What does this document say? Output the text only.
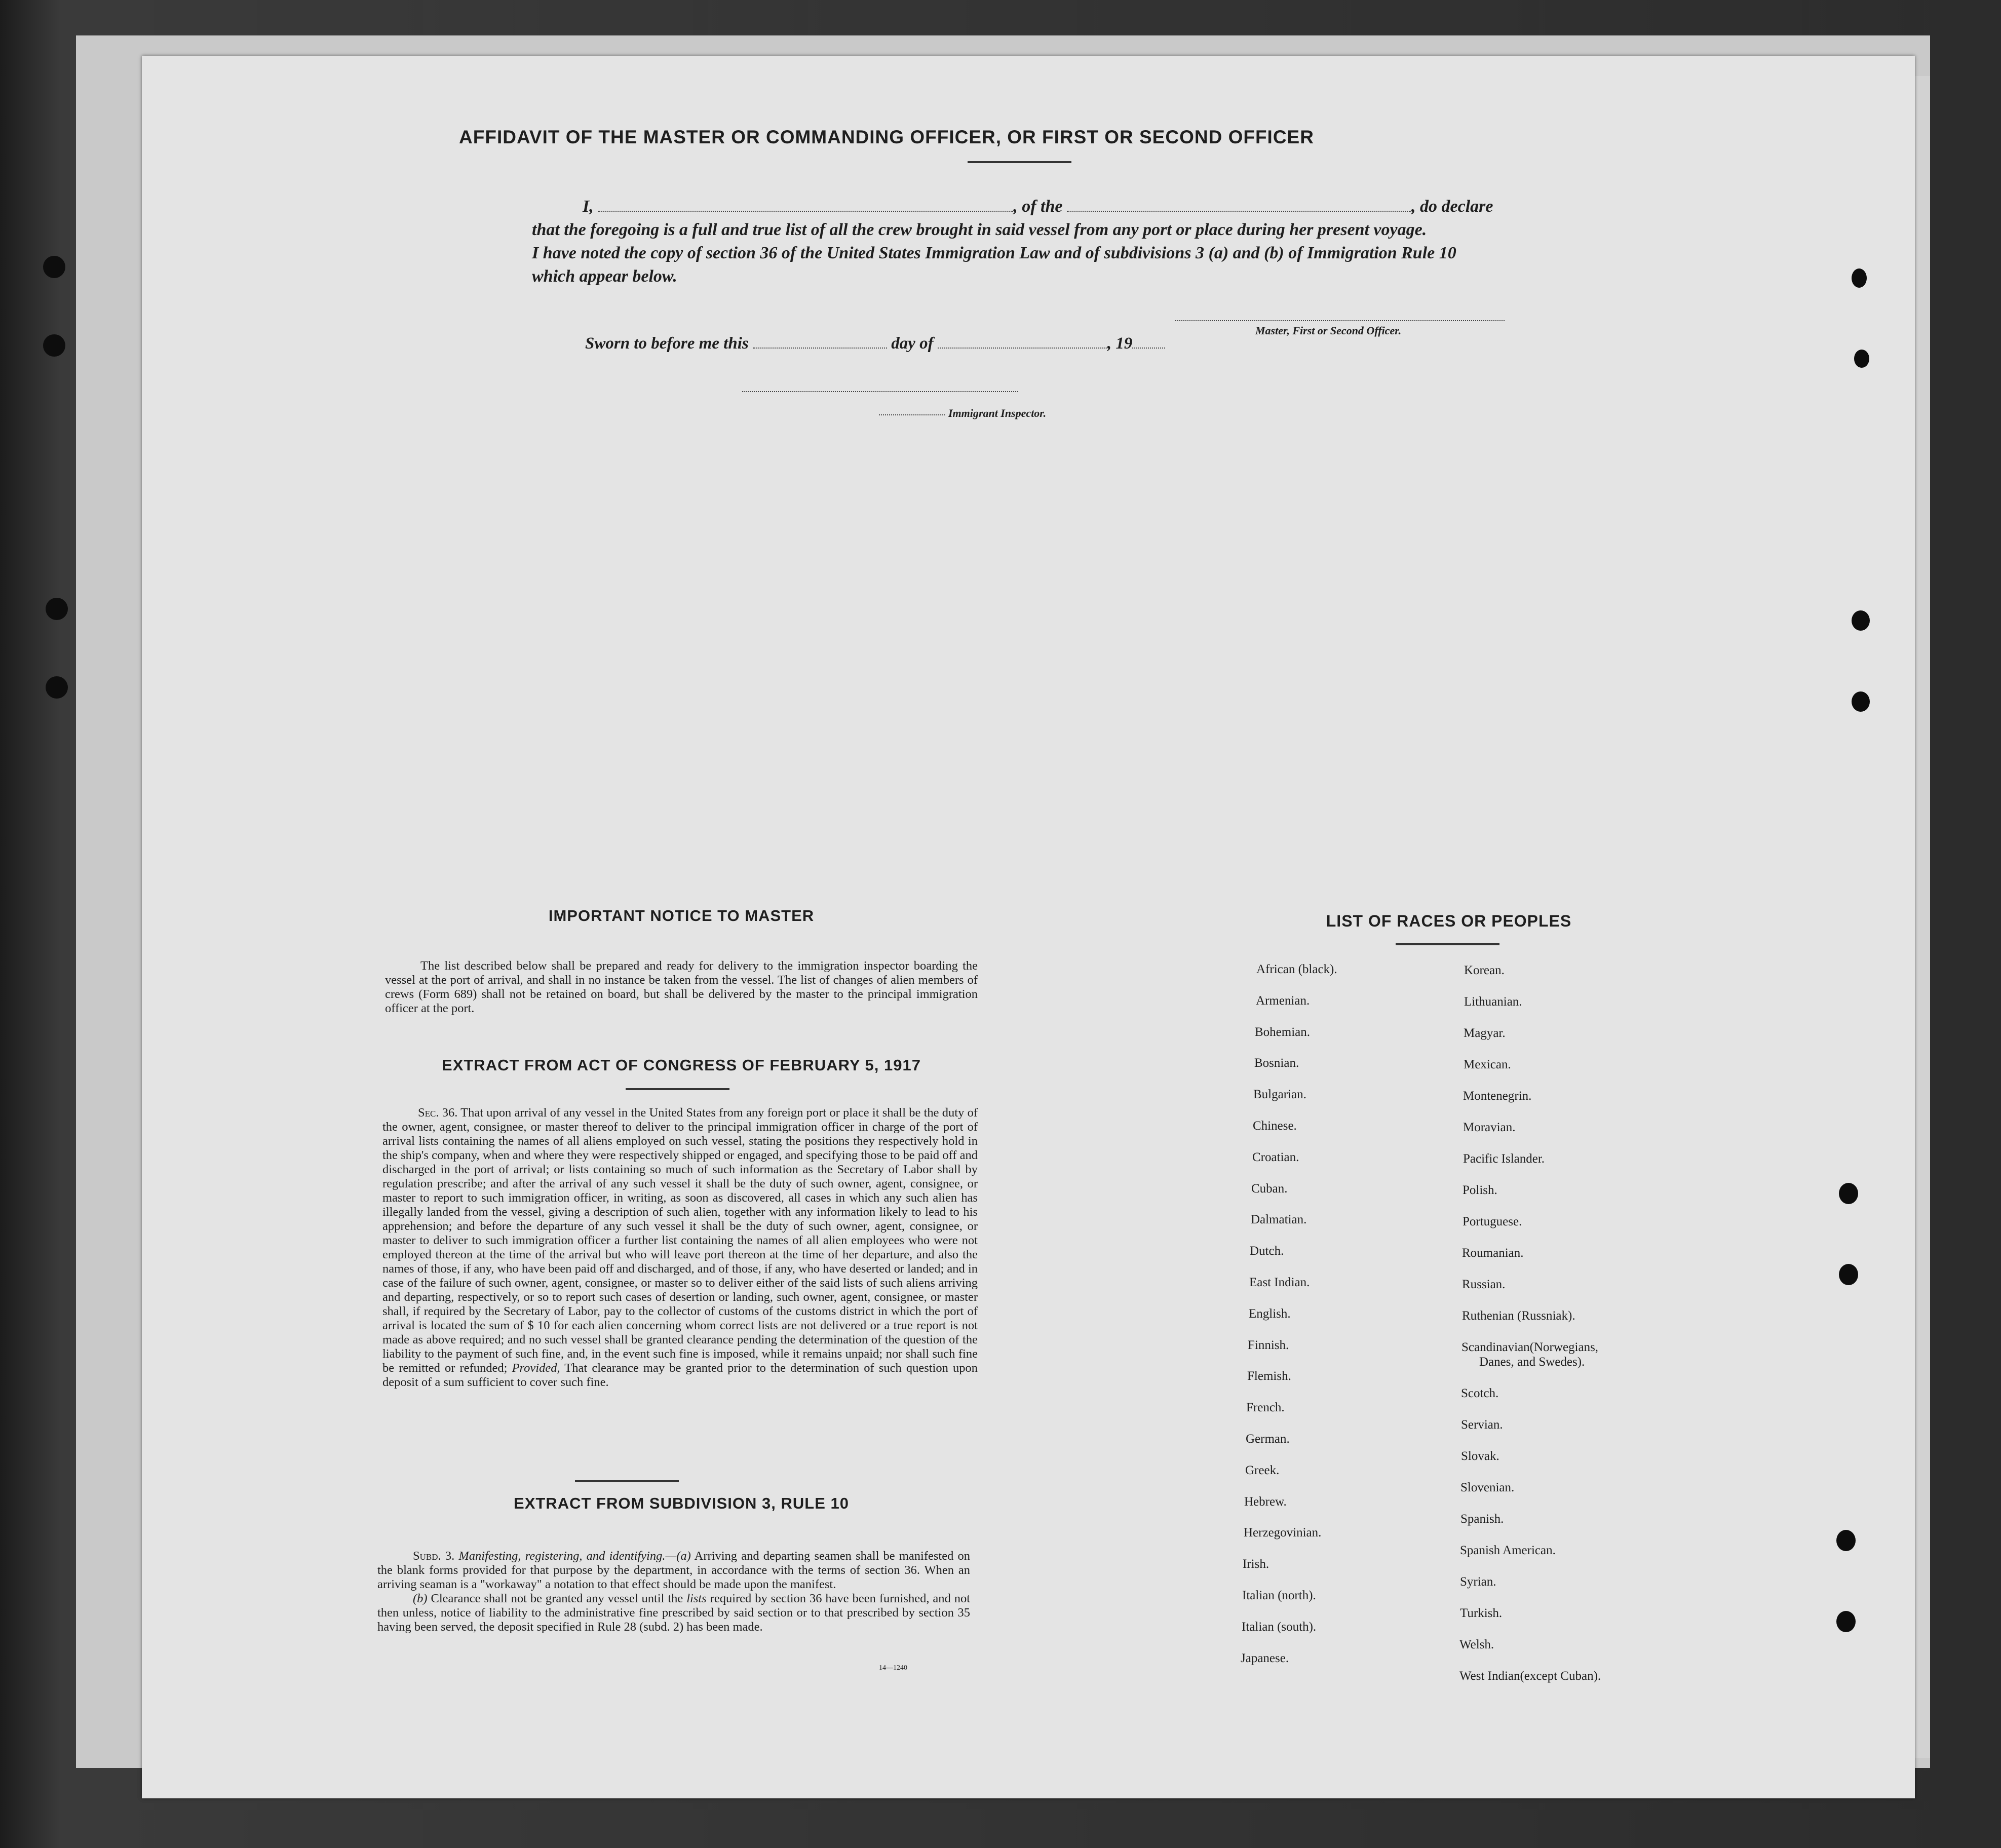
AFFIDAVIT OF THE MASTER OR COMMANDING OFFICER, OR FIRST OR SECOND OFFICER
I,	, of the	, do declare
that the foregoing is a full and true list of all the crew brought in said vessel from any port or place during her present voyage.
I have noted the copy of section 36 of the United States Immigration Law and of subdivisions 3 (a) and (b) of Immigration Rule 10
which appear below.
Master, First or Second Officer.
Sworn to before me this	day of	, 19
Immigrant Inspector.
IMPORTANT NOTICE TO MASTER
The list described below shall be prepared and ready for delivery to the immigration inspector boarding the vessel at the port of arrival, and shall in no instance be taken from the vessel. The list of changes of alien members of crews (Form 689) shall not be retained on board, but shall be delivered by the master to the principal immigration officer at the port.
EXTRACT FROM ACT OF CONGRESS OF FEBRUARY 5, 1917
Sec. 36. That upon arrival of any vessel in the United States from any foreign port or place it shall be the duty of the owner, agent, consignee, or master thereof to deliver to the principal immigration officer in charge of the port of arrival lists containing the names of all aliens employed on such vessel, stating the positions they respectively hold in the ship's company, when and where they were respectively shipped or engaged, and specifying those to be paid off and discharged in the port of arrival; or lists containing so much of such information as the Secretary of Labor shall by regulation prescribe; and after the arrival of any such vessel it shall be the duty of such owner, agent, consignee, or master to report to such immigration officer, in writing, as soon as discovered, all cases in which any such alien has illegally landed from the vessel, giving a description of such alien, together with any information likely to lead to his apprehension; and before the departure of any such vessel it shall be the duty of such owner, agent, consignee, or master to deliver to such immigration officer a further list containing the names of all alien employees who were not employed thereon at the time of the arrival but who will leave port thereon at the time of her departure, and also the names of those, if any, who have been paid off and discharged, and of those, if any, who have deserted or landed; and in case of the failure of such owner, agent, consignee, or master so to deliver either of the said lists of such aliens arriving and departing, respectively, or so to report such cases of desertion or landing, such owner, agent, consignee, or master shall, if required by the Secretary of Labor, pay to the collector of customs of the customs district in which the port of arrival is located the sum of $ 10 for each alien concerning whom correct lists are not delivered or a true report is not made as above required; and no such vessel shall be granted clearance pending the determination of the question of the liability to the payment of such fine, and, in the event such fine is imposed, while it remains unpaid; nor shall such fine be remitted or refunded; Provided, That clearance may be granted prior to the determination of such question upon deposit of a sum sufficient to cover such fine.
EXTRACT FROM SUBDIVISION 3, RULE 10
Subd. 3. Manifesting, registering, and identifying.—(a) Arriving and departing seamen shall be manifested on the blank forms provided for that purpose by the department, in accordance with the terms of section 36. When an arriving seaman is a "workaway" a notation to that effect should be made upon the manifest.
(b) Clearance shall not be granted any vessel until the lists required by section 36 have been furnished, and not then unless, notice of liability to the administrative fine prescribed by said section or to that prescribed by section 35 having been served, the deposit specified in Rule 28 (subd. 2) has been made.
14—1240
LIST OF RACES OR PEOPLES
African (black).
Armenian.
Bohemian.
Bosnian.
Bulgarian.
Chinese.
Croatian.
Cuban.
Dalmatian.
Dutch.
East Indian.
English.
Finnish.
Flemish.
French.
German.
Greek.
Hebrew.
Herzegovinian.
Irish.
Italian (north).
Italian (south).
Japanese.
Korean.
Lithuanian.
Magyar.
Mexican.
Montenegrin.
Moravian.
Pacific Islander.
Polish.
Portuguese.
Roumanian.
Russian.
Ruthenian (Russniak).
Scandinavian(Norwegians,
Danes, and Swedes).
Scotch.
Servian.
Slovak.
Slovenian.
Spanish.
Spanish American.
Syrian.
Turkish.
Welsh.
West Indian(except Cuban).
